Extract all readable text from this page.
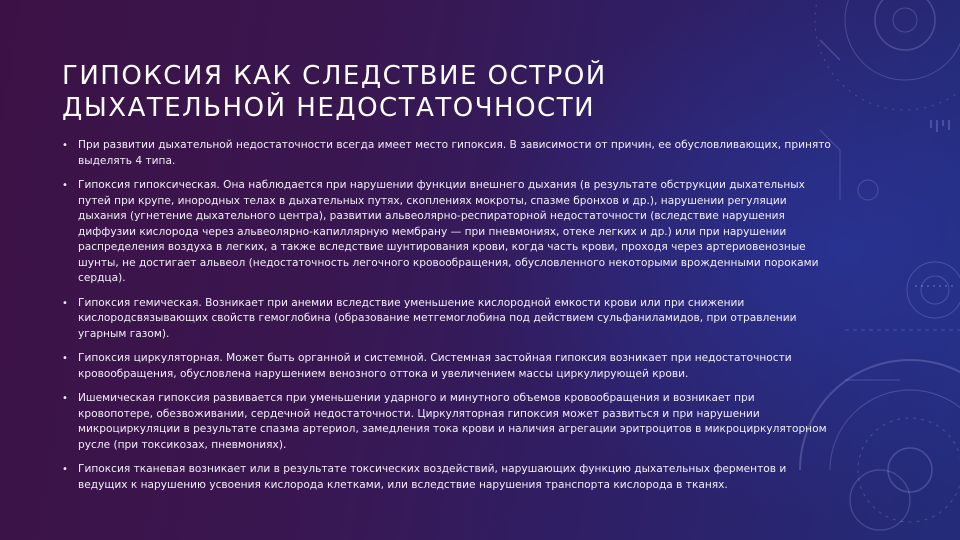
ГИПОКСИЯ КАК СЛЕДСТВИЕ ОСТРОЙ ДЫХАТЕЛЬНОЙ НЕДОСТАТОЧНОСТИ
• При развитии дыхательной недостаточности всегда имеет место гипоксия. В зависимости от причин, ее обусловливающих, принято выделять 4 типа.
• Гипоксия гипоксическая. Она наблюдается при нарушении функции внешнего дыхания (в результате обструкции дыхательных путей при крупе, инородных телах в дыхательных путях, скоплениях мокроты, спазме бронхов и др.), нарушении регуляции дыхания (угнетение дыхательного центра), развитии альвеолярно-респираторной недостаточности (вследствие нарушения диффузии кислорода через альвеолярно-капиллярную мембрану — при пневмониях, отеке легких и др.) или при нарушении распределения воздуха в легких, а также вследствие шунтирования крови, когда часть крови, проходя через артериовенозные шунты, не достигает альвеол (недостаточность легочного кровообращения, обусловленного некоторыми врожденными пороками сердца).
• Гипоксия гемическая. Возникает при анемии вследствие уменьшение кислородной емкости крови или при снижении кислородсвязывающих свойств гемоглобина (образование метгемоглобина под действием сульфаниламидов, при отравлении угарным газом).
• Гипоксия циркуляторная. Может быть органной и системной. Системная застойная гипоксия возникает при недостаточности кровообращения, обусловлена нарушением венозного оттока и увеличением массы циркулирующей крови.
• Ишемическая гипоксия развивается при уменьшении ударного и минутного объемов кровообращения и возникает при кровопотере, обезвоживании, сердечной недостаточности. Циркуляторная гипоксия может развиться и при нарушении микроциркуляции в результате спазма артериол, замедления тока крови и наличия агрегации эритроцитов в микроциркуляторном русле (при токсикозах, пневмониях).
• Гипоксия тканевая возникает или в результате токсических воздействий, нарушающих функцию дыхательных ферментов и ведущих к нарушению усвоения кислорода клетками, или вследствие нарушения транспорта кислорода в тканях.
